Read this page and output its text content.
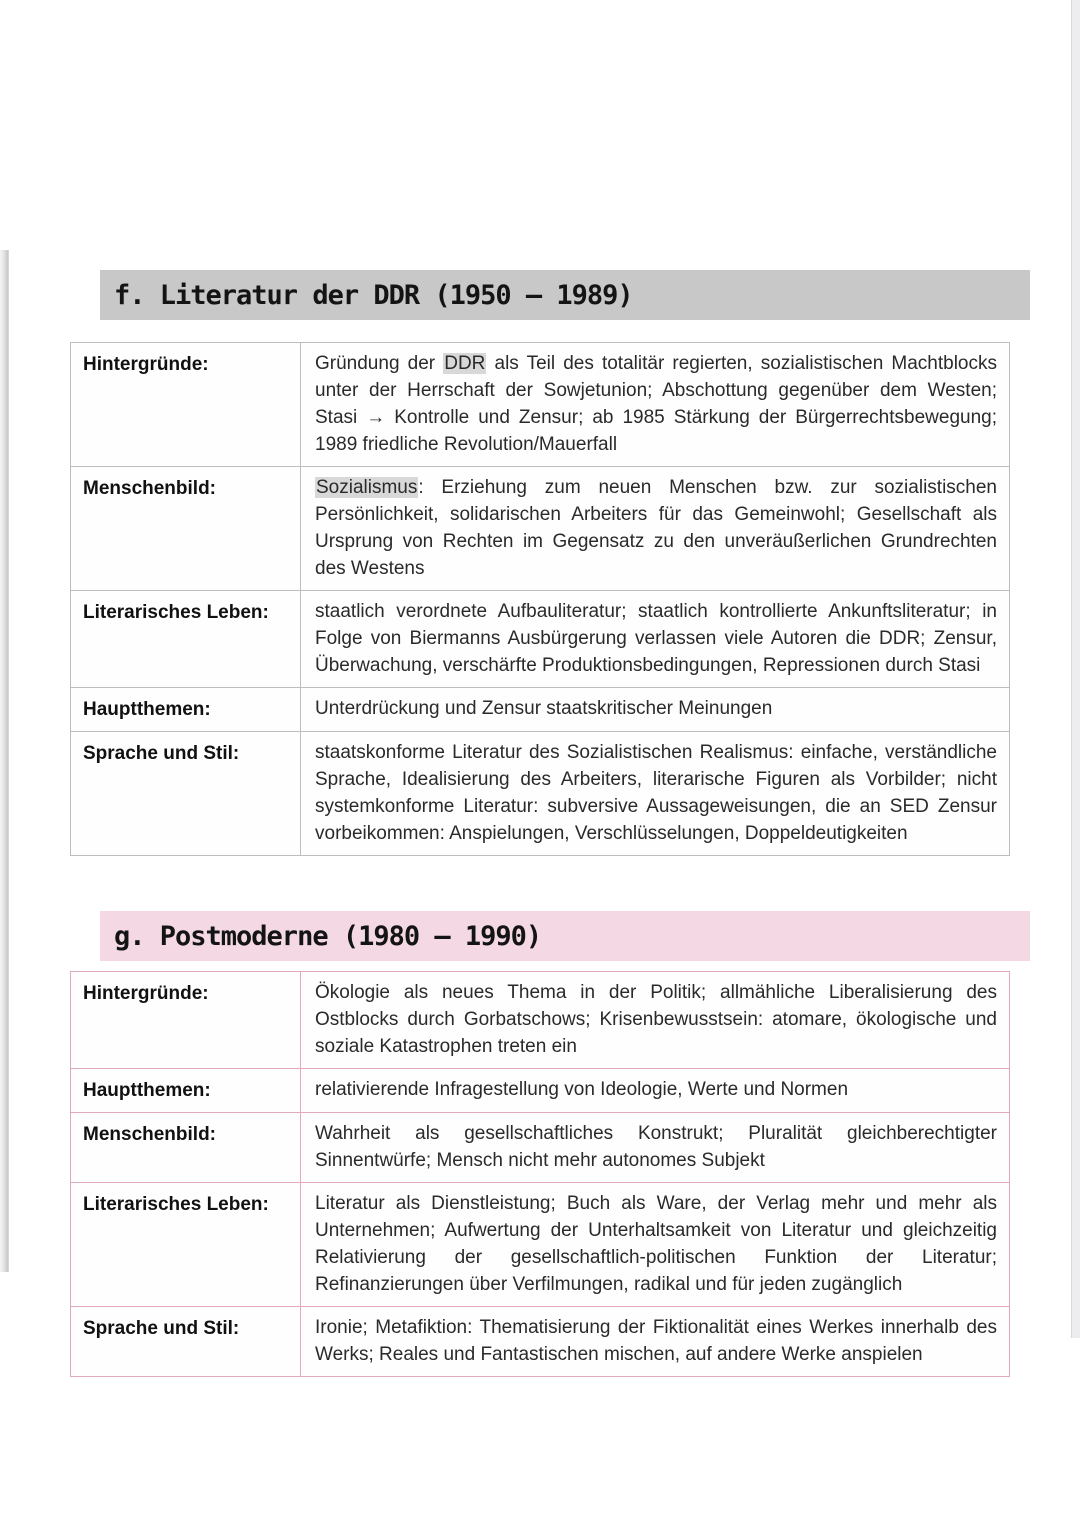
f. Literatur der DDR (1950 – 1989)
Hintergründe:	Gründung der DDR als Teil des totalitär regierten, sozialistischen Machtblocks unter der Herrschaft der Sowjetunion; Abschottung gegenüber dem Westen; Stasi → Kontrolle und Zensur; ab 1985 Stärkung der Bürgerrechtsbewegung; 1989 friedliche Revolution/Mauerfall
Menschenbild:	Sozialismus: Erziehung zum neuen Menschen bzw. zur sozialistischen Persönlichkeit, solidarischen Arbeiters für das Gemeinwohl; Gesellschaft als Ursprung von Rechten im Gegensatz zu den unveräußerlichen Grundrechten des Westens
Literarisches Leben:	staatlich verordnete Aufbauliteratur; staatlich kontrollierte Ankunftsliteratur; in Folge von Biermanns Ausbürgerung verlassen viele Autoren die DDR; Zensur, Überwachung, verschärfte Produktionsbedingungen, Repressionen durch Stasi
Hauptthemen:	Unterdrückung und Zensur staatskritischer Meinungen
Sprache und Stil:	staatskonforme Literatur des Sozialistischen Realismus: einfache, verständliche Sprache, Idealisierung des Arbeiters, literarische Figuren als Vorbilder; nicht systemkonforme Literatur: subversive Aussageweisungen, die an SED Zensur vorbeikommen: Anspielungen, Verschlüsselungen, Doppeldeutigkeiten
g. Postmoderne (1980 – 1990)
Hintergründe:	Ökologie als neues Thema in der Politik; allmähliche Liberalisierung des Ostblocks durch Gorbatschows; Krisenbewusstsein: atomare, ökologische und soziale Katastrophen treten ein
Hauptthemen:	relativierende Infragestellung von Ideologie, Werte und Normen
Menschenbild:	Wahrheit als gesellschaftliches Konstrukt; Pluralität gleichberechtigter Sinnentwürfe; Mensch nicht mehr autonomes Subjekt
Literarisches Leben:	Literatur als Dienstleistung; Buch als Ware, der Verlag mehr und mehr als Unternehmen; Aufwertung der Unterhaltsamkeit von Literatur und gleichzeitig Relativierung der gesellschaftlich-politischen Funktion der Literatur; Refinanzierungen über Verfilmungen, radikal und für jeden zugänglich
Sprache und Stil:	Ironie; Metafiktion: Thematisierung der Fiktionalität eines Werkes innerhalb des Werks; Reales und Fantastischen mischen, auf andere Werke anspielen
